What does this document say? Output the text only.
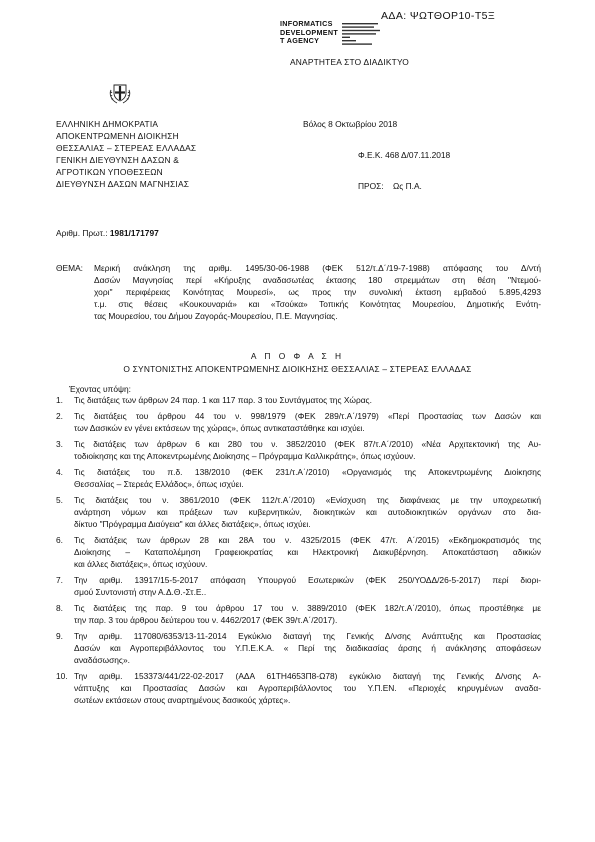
ΑΔΑ: ΨΩΤΘΟΡ10-Τ5Ξ
INFORMATICS
DEVELOPMENT
T AGENCY
ΑΝΑΡΤΗΤΕΑ ΣΤΟ ΔΙΑΔΙΚΤΥΟ
ΕΛΛΗΝΙΚΗ ΔΗΜΟΚΡΑΤΙΑ
ΑΠΟΚΕΝΤΡΩΜΕΝΗ ΔΙΟΙΚΗΣΗ
ΘΕΣΣΑΛΙΑΣ – ΣΤΕΡΕΑΣ ΕΛΛΑΔΑΣ
ΓΕΝΙΚΗ ΔΙΕΥΘΥΝΣΗ ΔΑΣΩΝ &
ΑΓΡΟΤΙΚΩΝ ΥΠΟΘΕΣΕΩΝ
ΔΙΕΥΘΥΝΣΗ ΔΑΣΩΝ ΜΑΓΝΗΣΙΑΣ
Βόλος 8 Οκτωβρίου 2018
Φ.Ε.Κ. 468 Δ/07.11.2018
ΠΡΟΣ: Ως Π.Α.
Αριθμ. Πρωτ.: 1981/171797
ΘΕΜΑ: Μερική ανάκληση της αριθμ. 1495/30-06-1988 (ΦΕΚ 512/τ.Δ΄/19-7-1988) απόφασης του Δ/ντή
Δασών Μαγνησίας περί «Κήρυξης αναδασωτέας έκτασης 180 στρεμμάτων στη θέση ''Ντεμού-
χορι'' περιφέρειας Κοινότητας Μουρεσί», ως προς την συνολική έκταση εμβαδού 5.895,4293
τ.μ. στις θέσεις «Κουκουναριά» και «Τσούκα» Τοπικής Κοινότητας Μουρεσίου, Δημοτικής Ενότη-
τας Μουρεσίου, του Δήμου Ζαγοράς-Μουρεσίου, Π.Ε. Μαγνησίας.
Α Π Ο Φ Α Σ Η
Ο ΣΥΝΤΟΝΙΣΤΗΣ ΑΠΟΚΕΝΤΡΩΜΕΝΗΣ ΔΙΟΙΚΗΣΗΣ ΘΕΣΣΑΛΙΑΣ – ΣΤΕΡΕΑΣ ΕΛΛΑΔΑΣ
Έχοντας υπόψη:
1. Τις διατάξεις των άρθρων 24 παρ. 1 και 117 παρ. 3 του Συντάγματος της Χώρας.
2. Τις διατάξεις του άρθρου 44 του ν. 998/1979 (ΦΕΚ 289/τ.Α΄/1979) «Περί Προστασίας των Δασών και
των Δασικών εν γένει εκτάσεων της χώρας», όπως αντικαταστάθηκε και ισχύει.
3. Τις διατάξεις των άρθρων 6 και 280 του ν. 3852/2010 (ΦΕΚ 87/τ.Α΄/2010) «Νέα Αρχιτεκτονική της Αυ-
τοδιοίκησης και της Αποκεντρωμένης Διοίκησης – Πρόγραμμα Καλλικράτης», όπως ισχύουν.
4. Τις διατάξεις του π.δ. 138/2010 (ΦΕΚ 231/τ.Α΄/2010) «Οργανισμός της Αποκεντρωμένης Διοίκησης
Θεσσαλίας – Στερεάς Ελλάδος», όπως ισχύει.
5. Τις διατάξεις του ν. 3861/2010 (ΦΕΚ 112/τ.Α΄/2010) «Ενίσχυση της διαφάνειας με την υποχρεωτική
ανάρτηση νόμων και πράξεων των κυβερνητικών, διοικητικών και αυτοδιοικητικών οργάνων στο δια-
δίκτυο "Πρόγραμμα Διαύγεια" και άλλες διατάξεις», όπως ισχύει.
6. Τις διατάξεις των άρθρων 28 και 28Α του ν. 4325/2015 (ΦΕΚ 47/τ. Α΄/2015) «Εκδημοκρατισμός της
Διοίκησης – Καταπολέμηση Γραφειοκρατίας και Ηλεκτρονική Διακυβέρνηση. Αποκατάσταση αδικιών
και άλλες διατάξεις», όπως ισχύουν.
7. Την αριθμ. 13917/15-5-2017 απόφαση Υπουργού Εσωτερικών (ΦΕΚ 250/ΥΟΔΔ/26-5-2017) περί διορι-
σμού Συντονιστή στην Α.Δ.Θ.-Στ.Ε..
8. Τις διατάξεις της παρ. 9 του άρθρου 17 του ν. 3889/2010 (ΦΕΚ 182/τ.Α΄/2010), όπως προστέθηκε με
την παρ. 3 του άρθρου δεύτερου του ν. 4462/2017 (ΦΕΚ 39/τ.Α΄/2017).
9. Την αριθμ. 117080/6353/13-11-2014 Εγκύκλιο διαταγή της Γενικής Δ/νσης Ανάπτυξης και Προστασίας
Δασών και Αγροπεριβάλλοντος του Υ.Π.Ε.Κ.Α. « Περί της διαδικασίας άρσης ή ανάκλησης αποφάσεων
αναδάσωσης».
10. Την αριθμ. 153373/441/22-02-2017 (ΑΔΑ 61ΤΗ4653Π8-Ω78) εγκύκλιο διαταγή της Γενικής Δ/νσης Α-
νάπτυξης και Προστασίας Δασών και Αγροπεριβάλλοντος του Υ.Π.ΕΝ. «Περιοχές κηρυγμένων αναδα-
σωτέων εκτάσεων στους αναρτημένους δασικούς χάρτες».
